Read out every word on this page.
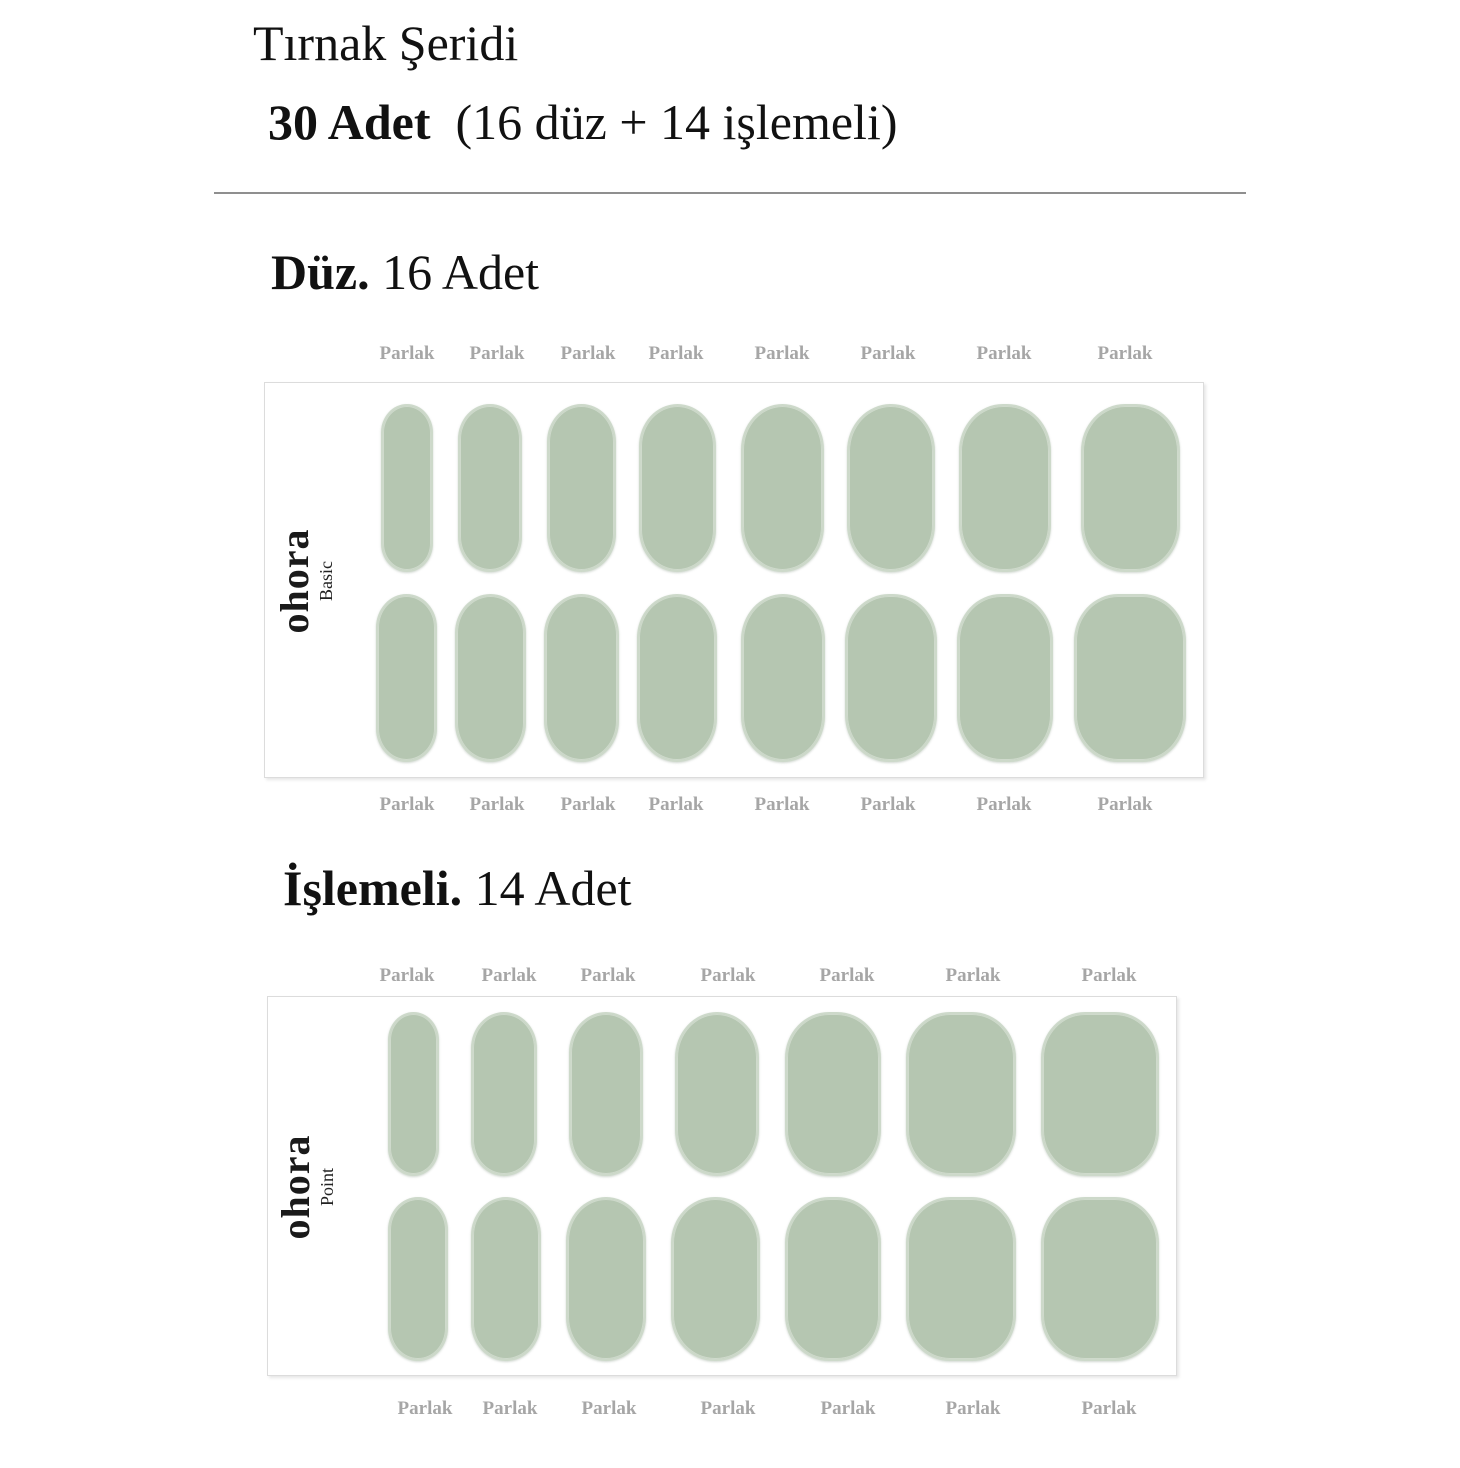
Tırnak Şeridi
30 Adet (16 düz + 14 işlemeli)
Düz. 16 Adet
Parlak Parlak Parlak Parlak	Parlak	Parlak	Parlak	Parlak
ohora Basic
Parlak Parlak Parlak Parlak	Parlak	Parlak	Parlak	Parlak
İşlemeli. 14 Adet
Parlak Parlak Parlak	Parlak	Parlak	Parlak	Parlak
ohora Point
Parlak Parlak Parlak	Parlak	Parlak	Parlak	Parlak
